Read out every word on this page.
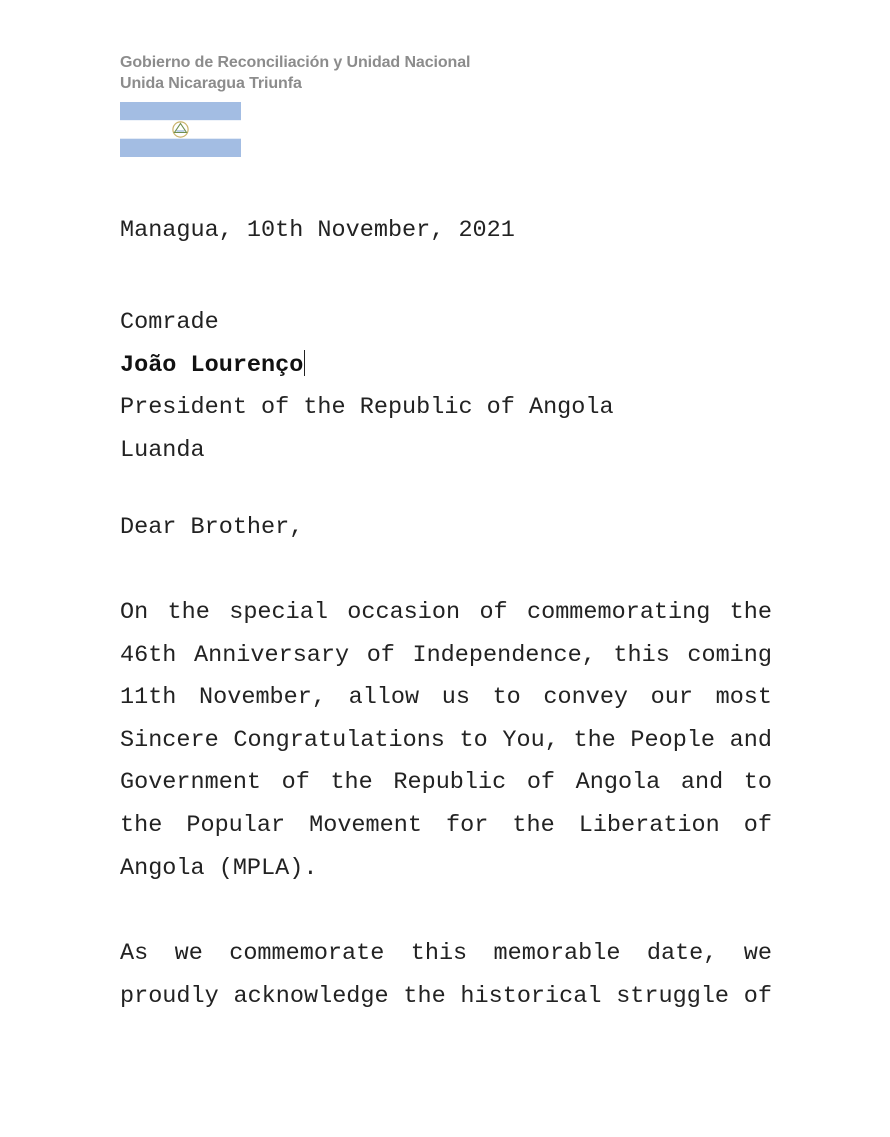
Gobierno de Reconciliación y Unidad Nacional
Unida Nicaragua Triunfa

Managua, 10th November, 2021

Comrade
João Lourenço
President of the Republic of Angola
Luanda

Dear Brother,

On the special occasion of commemorating the
46th Anniversary of Independence, this coming
11th November, allow us to convey our most
Sincere Congratulations to You, the People and
Government of the Republic of Angola and to
the Popular Movement for the Liberation of
Angola (MPLA).
As we commemorate this memorable date, we
proudly acknowledge the historical struggle of
